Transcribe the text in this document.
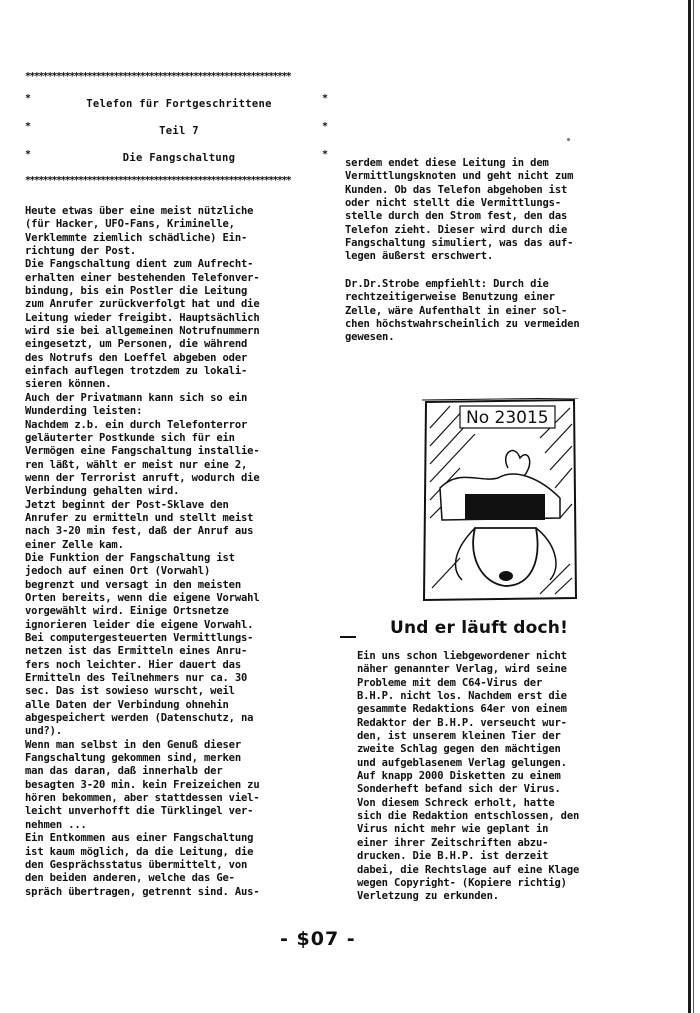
************************************************************
************************************************************
*
*
*
*
*
*
Telefon für Fortgeschrittene
Teil 7
Die Fangschaltung
Heute etwas über eine meist nützliche
(für Hacker, UFO-Fans, Kriminelle,
Verklemmte ziemlich schädliche) Ein-
richtung der Post.
Die Fangschaltung dient zum Aufrecht-
erhalten einer bestehenden Telefonver-
bindung, bis ein Postler die Leitung
zum Anrufer zurückverfolgt hat und die
Leitung wieder freigibt. Hauptsächlich
wird sie bei allgemeinen Notrufnummern
eingesetzt, um Personen, die während
des Notrufs den Loeffel abgeben oder
einfach auflegen trotzdem zu lokali-
sieren können.
Auch der Privatmann kann sich so ein
Wunderding leisten:
Nachdem z.b. ein durch Telefonterror
geläuterter Postkunde sich für ein
Vermögen eine Fangschaltung installie-
ren läßt, wählt er meist nur eine 2,
wenn der Terrorist anruft, wodurch die
Verbindung gehalten wird.
Jetzt beginnt der Post-Sklave den
Anrufer zu ermitteln und stellt meist
nach 3-20 min fest, daß der Anruf aus
einer Zelle kam.
Die Funktion der Fangschaltung ist
jedoch auf einen Ort (Vorwahl)
begrenzt und versagt in den meisten
Orten bereits, wenn die eigene Vorwahl
vorgewählt wird. Einige Ortsnetze
ignorieren leider die eigene Vorwahl.
Bei computergesteuerten Vermittlungs-
netzen ist das Ermitteln eines Anru-
fers noch leichter. Hier dauert das
Ermitteln des Teilnehmers nur ca. 30
sec. Das ist sowieso wurscht, weil
alle Daten der Verbindung ohnehin
abgespeichert werden (Datenschutz, na
und?).
Wenn man selbst in den Genuß dieser
Fangschaltung gekommen sind, merken
man das daran, daß innerhalb der
besagten 3-20 min. kein Freizeichen zu
hören bekommen, aber stattdessen viel-
leicht unverhofft die Türklingel ver-
nehmen ...
Ein Entkommen aus einer Fangschaltung
ist kaum möglich, da die Leitung, die
den Gesprächsstatus übermittelt, von
den beiden anderen, welche das Ge-
spräch übertragen, getrennt sind. Aus-
serdem endet diese Leitung in dem
Vermittlungsknoten und geht nicht zum
Kunden. Ob das Telefon abgehoben ist
oder nicht stellt die Vermittlungs-
stelle durch den Strom fest, den das
Telefon zieht. Dieser wird durch die
Fangschaltung simuliert, was das auf-
legen äußerst erschwert.
Dr.Dr.Strobe empfiehlt: Durch die
rechtzeitigerweise Benutzung einer
Zelle, wäre Aufenthalt in einer sol-
chen höchstwahrscheinlich zu vermeiden
gewesen.
No 23015
Und er läuft doch!
Ein uns schon liebgewordener nicht
näher genannter Verlag, wird seine
Probleme mit dem C64-Virus der
B.H.P. nicht los. Nachdem erst die
gesammte Redaktions 64er von einem
Redaktor der B.H.P. verseucht wur-
den, ist unserem kleinen Tier der
zweite Schlag gegen den mächtigen
und aufgeblasenem Verlag gelungen.
Auf knapp 2000 Disketten zu einem
Sonderheft befand sich der Virus.
Von diesem Schreck erholt, hatte
sich die Redaktion entschlossen, den
Virus nicht mehr wie geplant in
einer ihrer Zeitschriften abzu-
drucken. Die B.H.P. ist derzeit
dabei, die Rechtslage auf eine Klage
wegen Copyright- (Kopiere richtig)
Verletzung zu erkunden.
- $07 -
